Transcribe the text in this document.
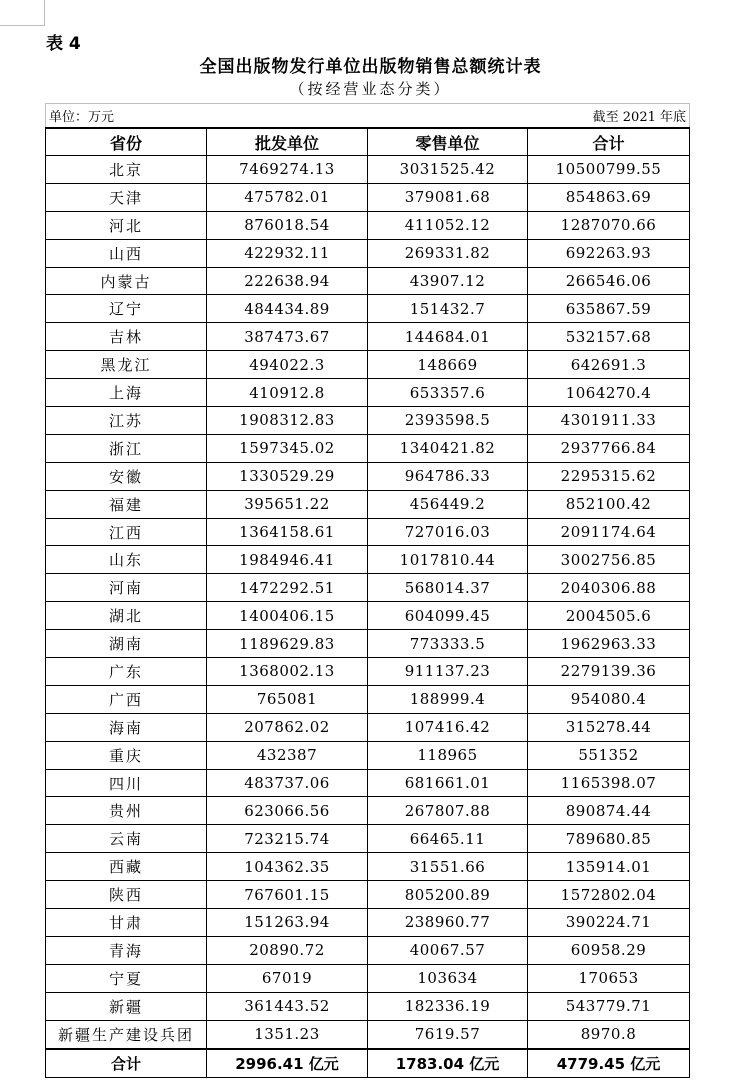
表 4
全国出版物发行单位出版物销售总额统计表
（按经营业态分类）
单位：万元			截至 2021 年底
省份	批发单位	零售单位	合计
北京	7469274.13	3031525.42	10500799.55
天津	475782.01	379081.68	854863.69
河北	876018.54	411052.12	1287070.66
山西	422932.11	269331.82	692263.93
内蒙古	222638.94	43907.12	266546.06
辽宁	484434.89	151432.7	635867.59
吉林	387473.67	144684.01	532157.68
黑龙江	494022.3	148669	642691.3
上海	410912.8	653357.6	1064270.4
江苏	1908312.83	2393598.5	4301911.33
浙江	1597345.02	1340421.82	2937766.84
安徽	1330529.29	964786.33	2295315.62
福建	395651.22	456449.2	852100.42
江西	1364158.61	727016.03	2091174.64
山东	1984946.41	1017810.44	3002756.85
河南	1472292.51	568014.37	2040306.88
湖北	1400406.15	604099.45	2004505.6
湖南	1189629.83	773333.5	1962963.33
广东	1368002.13	911137.23	2279139.36
广西	765081	188999.4	954080.4
海南	207862.02	107416.42	315278.44
重庆	432387	118965	551352
四川	483737.06	681661.01	1165398.07
贵州	623066.56	267807.88	890874.44
云南	723215.74	66465.11	789680.85
西藏	104362.35	31551.66	135914.01
陕西	767601.15	805200.89	1572802.04
甘肃	151263.94	238960.77	390224.71
青海	20890.72	40067.57	60958.29
宁夏	67019	103634	170653
新疆	361443.52	182336.19	543779.71
新疆生产建设兵团	1351.23	7619.57	8970.8
合计	2996.41 亿元	1783.04 亿元	4779.45 亿元
